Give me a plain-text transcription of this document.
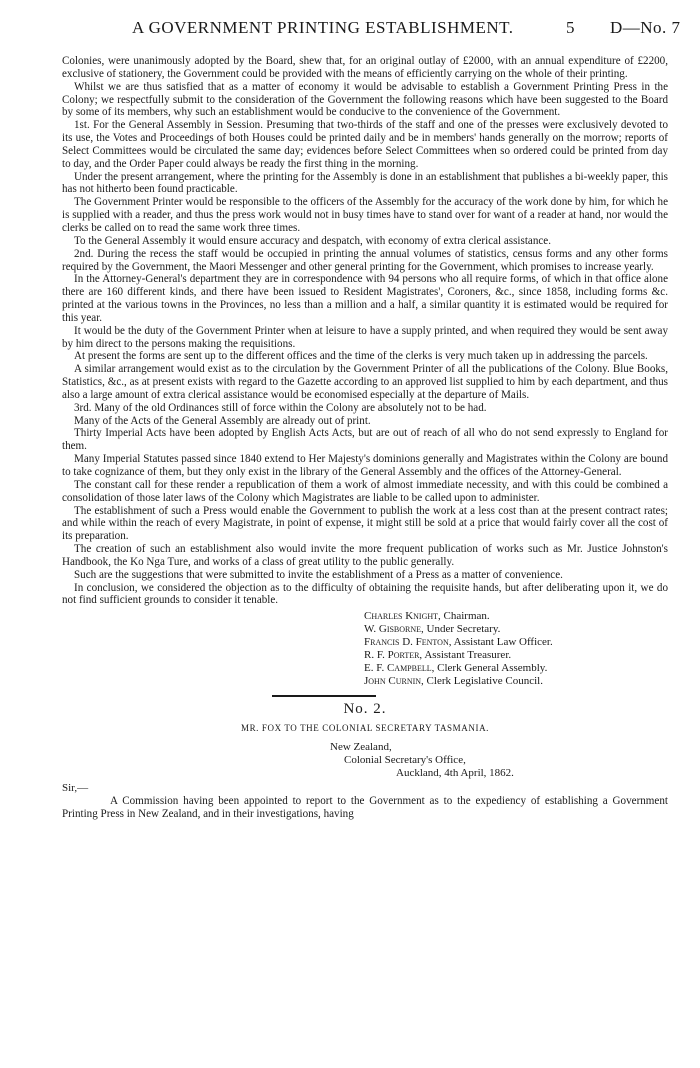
A GOVERNMENT PRINTING ESTABLISHMENT.	5 D—No. 7

Colonies, were unanimously adopted by the Board, shew that, for an original outlay of £2000, with an annual expenditure of £2200, exclusive of stationery, the Government could be provided with the means of efficiently carrying on the whole of their printing.

Whilst we are thus satisfied that as a matter of economy it would be advisable to establish a Government Printing Press in the Colony; we respectfully submit to the consideration of the Government the following reasons which have been suggested to the Board by some of its members, why such an establishment would be conducive to the convenience of the Government.

1st. For the General Assembly in Session. Presuming that two-thirds of the staff and one of the presses were exclusively devoted to its use, the Votes and Proceedings of both Houses could be printed daily and be in members' hands generally on the morrow; reports of Select Committees would be circulated the same day; evidences before Select Committees when so ordered could be printed from day to day, and the Order Paper could always be ready the first thing in the morning.

Under the present arrangement, where the printing for the Assembly is done in an establishment that publishes a bi-weekly paper, this has not hitherto been found practicable.

The Government Printer would be responsible to the officers of the Assembly for the accuracy of the work done by him, for which he is supplied with a reader, and thus the press work would not in busy times have to stand over for want of a reader at hand, nor would the clerks be called on to read the same work three times.

To the General Assembly it would ensure accuracy and despatch, with economy of extra clerical assistance.

2nd. During the recess the staff would be occupied in printing the annual volumes of statistics, census forms and any other forms required by the Government, the Maori Messenger and other general printing for the Government, which promises to increase yearly.

In the Attorney-General's department they are in correspondence with 94 persons who all require forms, of which in that office alone there are 160 different kinds, and there have been issued to Resident Magistrates', Coroners, &c., since 1858, including forms &c. printed at the various towns in the Provinces, no less than a million and a half, a similar quantity it is estimated would be required for this year.

It would be the duty of the Government Printer when at leisure to have a supply printed, and when required they would be sent away by him direct to the persons making the requisitions.

At present the forms are sent up to the different offices and the time of the clerks is very much taken up in addressing the parcels.

A similar arrangement would exist as to the circulation by the Government Printer of all the publications of the Colony. Blue Books, Statistics, &c., as at present exists with regard to the Gazette according to an approved list supplied to him by each department, and thus also a large amount of extra clerical assistance would be economised especially at the departure of Mails.

3rd. Many of the old Ordinances still of force within the Colony are absolutely not to be had.

Many of the Acts of the General Assembly are already out of print.

Thirty Imperial Acts have been adopted by English Acts Acts, but are out of reach of all who do not send expressly to England for them.

Many Imperial Statutes passed since 1840 extend to Her Majesty's dominions generally and Magistrates within the Colony are bound to take cognizance of them, but they only exist in the library of the General Assembly and the offices of the Attorney-General.

The constant call for these render a republication of them a work of almost immediate necessity, and with this could be combined a consolidation of those later laws of the Colony which Magistrates are liable to be called upon to administer.

The establishment of such a Press would enable the Government to publish the work at a less cost than at the present contract rates; and while within the reach of every Magistrate, in point of expense, it might still be sold at a price that would fairly cover all the cost of its preparation.

The creation of such an establishment also would invite the more frequent publication of works such as Mr. Justice Johnston's Handbook, the Ko Nga Ture, and works of a class of great utility to the public generally.

Such are the suggestions that were submitted to invite the establishment of a Press as a matter of convenience.

In conclusion, we considered the objection as to the difficulty of obtaining the requisite hands, but after deliberating upon it, we do not find sufficient grounds to consider it tenable.

Charles Knight, Chairman.
W. Gisborne, Under Secretary.
Francis D. Fenton, Assistant Law Officer.
R. F. Porter, Assistant Treasurer.
E. F. Campbell, Clerk General Assembly.
John Curnin, Clerk Legislative Council.
No. 2.
MR. FOX TO THE COLONIAL SECRETARY TASMANIA.
New Zealand,
Colonial Secretary's Office,
Auckland, 4th April, 1862.
Sir,—

A Commission having been appointed to report to the Government as to the expediency of establishing a Government Printing Press in New Zealand, and in their investigations, having
